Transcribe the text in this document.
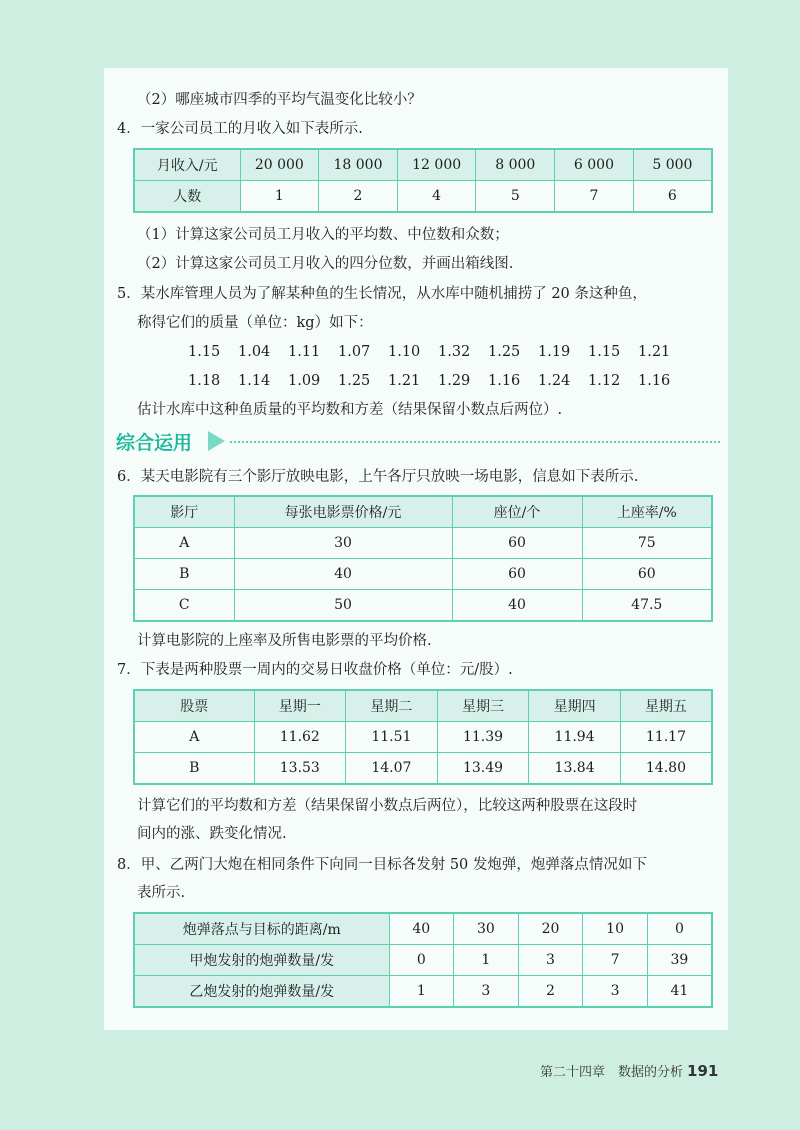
（2）哪座城市四季的平均气温变化比较小？
4．一家公司员工的月收入如下表所示.
月收入/元	20 000	18 000	12 000	8 000	6 000	5 000
人数	1	2	4	5	7	6
（1）计算这家公司员工月收入的平均数、中位数和众数；
（2）计算这家公司员工月收入的四分位数，并画出箱线图.
5．某水库管理人员为了解某种鱼的生长情况，从水库中随机捕捞了 20 条这种鱼，
称得它们的质量（单位：kg）如下：
1.15 1.04 1.11 1.07 1.10 1.32 1.25 1.19 1.15 1.21
1.18 1.14 1.09 1.25 1.21 1.29 1.16 1.24 1.12 1.16
估计水库中这种鱼质量的平均数和方差（结果保留小数点后两位）.
综合运用
6．某天电影院有三个影厅放映电影，上午各厅只放映一场电影，信息如下表所示.
影厅	每张电影票价格/元	座位/个	上座率/%
A	30	60	75
B	40	60	60
C	50	40	47.5
计算电影院的上座率及所售电影票的平均价格.
7．下表是两种股票一周内的交易日收盘价格（单位：元/股）.
股票	星期一	星期二	星期三	星期四	星期五
A	11.62	11.51	11.39	11.94	11.17
B	13.53	14.07	13.49	13.84	14.80
计算它们的平均数和方差（结果保留小数点后两位），比较这两种股票在这段时
间内的涨、跌变化情况.
8．甲、乙两门大炮在相同条件下向同一目标各发射 50 发炮弹，炮弹落点情况如下
表所示.
炮弹落点与目标的距离/m	40	30	20	10	0
甲炮发射的炮弹数量/发	0	1	3	7	39
乙炮发射的炮弹数量/发	1	3	2	3	41
第二十四章　数据的分析 191
